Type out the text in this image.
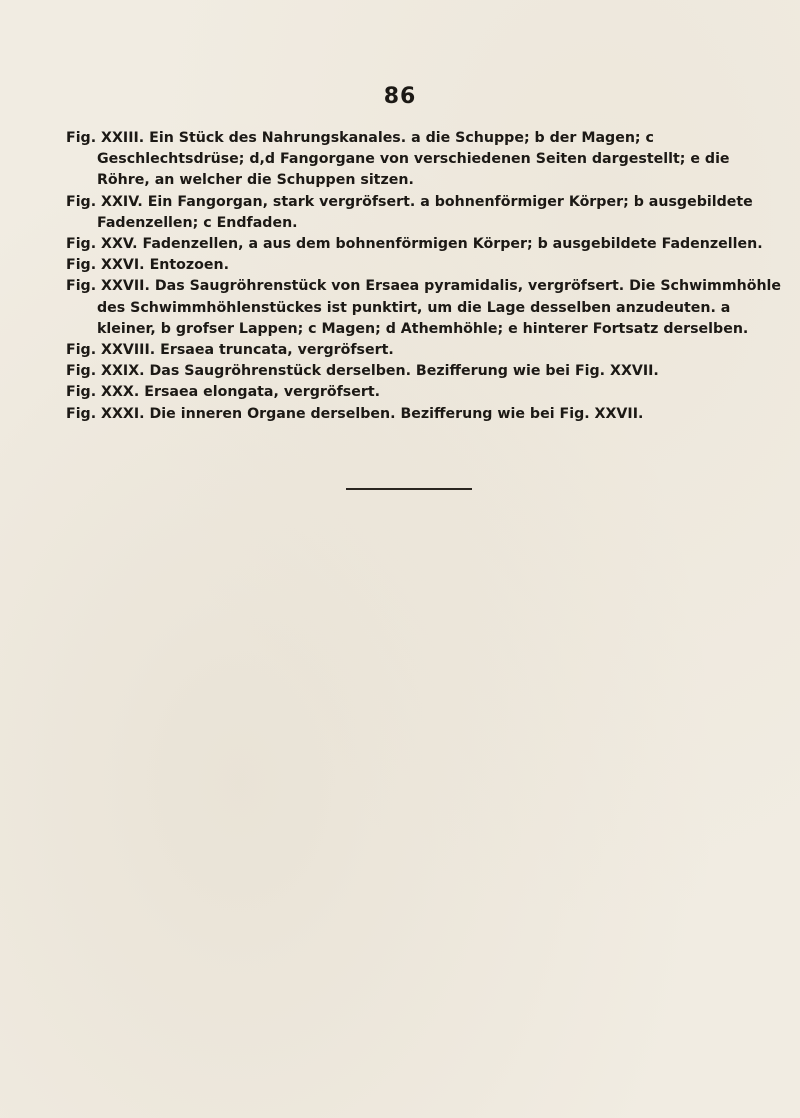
86
Fig. XXIII. Ein Stück des Nahrungskanales. a die Schuppe; b der Magen; c Geschlechtsdrüse; d,d Fangorgane von verschiedenen Seiten dargestellt; e die Röhre, an welcher die Schuppen sitzen.
Fig. XXIV. Ein Fangorgan, stark vergröfsert. a bohnenförmiger Körper; b ausgebildete Fadenzellen; c Endfaden.
Fig. XXV. Fadenzellen, a aus dem bohnenförmigen Körper; b ausgebildete Fadenzellen.
Fig. XXVI. Entozoen.
Fig. XXVII. Das Saugröhrenstück von Ersaea pyramidalis, vergröfsert. Die Schwimmhöhle des Schwimmhöhlenstückes ist punktirt, um die Lage desselben anzudeuten. a kleiner, b grofser Lappen; c Magen; d Athemhöhle; e hinterer Fortsatz derselben.
Fig. XXVIII. Ersaea truncata, vergröfsert.
Fig. XXIX. Das Saugröhrenstück derselben. Bezifferung wie bei Fig. XXVII.
Fig. XXX. Ersaea elongata, vergröfsert.
Fig. XXXI. Die inneren Organe derselben. Bezifferung wie bei Fig. XXVII.
